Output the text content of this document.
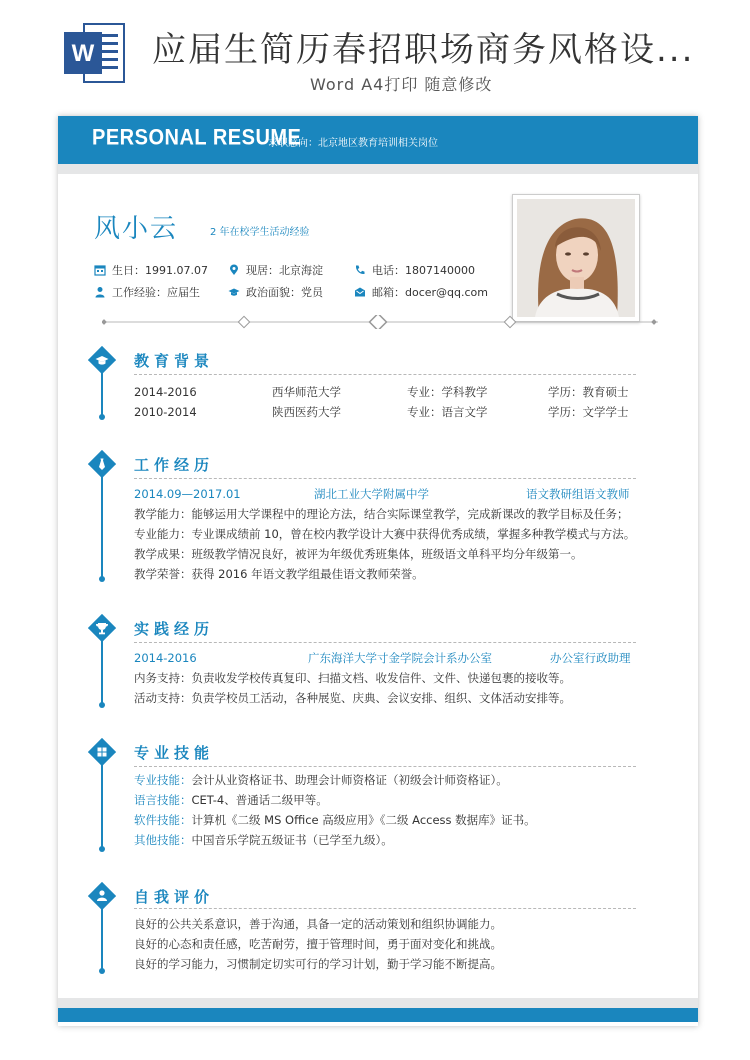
W 应届生简历春招职场商务风格设...
Word A4打印 随意修改
PERSONAL RESUME
求职意向：北京地区教育培训相关岗位
风小云	2 年在校学生活动经验
生日：1991.07.07	现居：北京海淀	电话：1807140000
工作经验：应届生	政治面貌：党员	邮箱：docer@qq.com
教育背景
2014-2016	西华师范大学	专业：学科教学	学历：教育硕士
2010-2014	陕西医药大学	专业：语言文学	学历：文学学士
工作经历
2014.09—2017.01	湖北工业大学附属中学	语文教研组语文教师
教学能力：能够运用大学课程中的理论方法，结合实际课堂教学，完成新课改的教学目标及任务；
专业能力：专业课成绩前 10，曾在校内教学设计大赛中获得优秀成绩，掌握多种教学模式与方法。
教学成果：班级教学情况良好，被评为年级优秀班集体，班级语文单科平均分年级第一。
教学荣誉：获得 2016 年语文教学组最佳语文教师荣誉。
实践经历
2014-2016	广东海洋大学寸金学院会计系办公室	办公室行政助理
内务支持：负责收发学校传真复印、扫描文档、收发信件、文件、快递包裹的接收等。
活动支持：负责学校员工活动，各种展览、庆典、会议安排、组织、文体活动安排等。
专业技能
专业技能：会计从业资格证书、助理会计师资格证（初级会计师资格证）。
语言技能：CET-4、普通话二级甲等。
软件技能：计算机《二级 MS Office 高级应用》《二级 Access 数据库》证书。
其他技能：中国音乐学院五级证书（已学至九级）。
自我评价
良好的公共关系意识，善于沟通，具备一定的活动策划和组织协调能力。
良好的心态和责任感，吃苦耐劳，擅于管理时间，勇于面对变化和挑战。
良好的学习能力，习惯制定切实可行的学习计划，勤于学习能不断提高。
